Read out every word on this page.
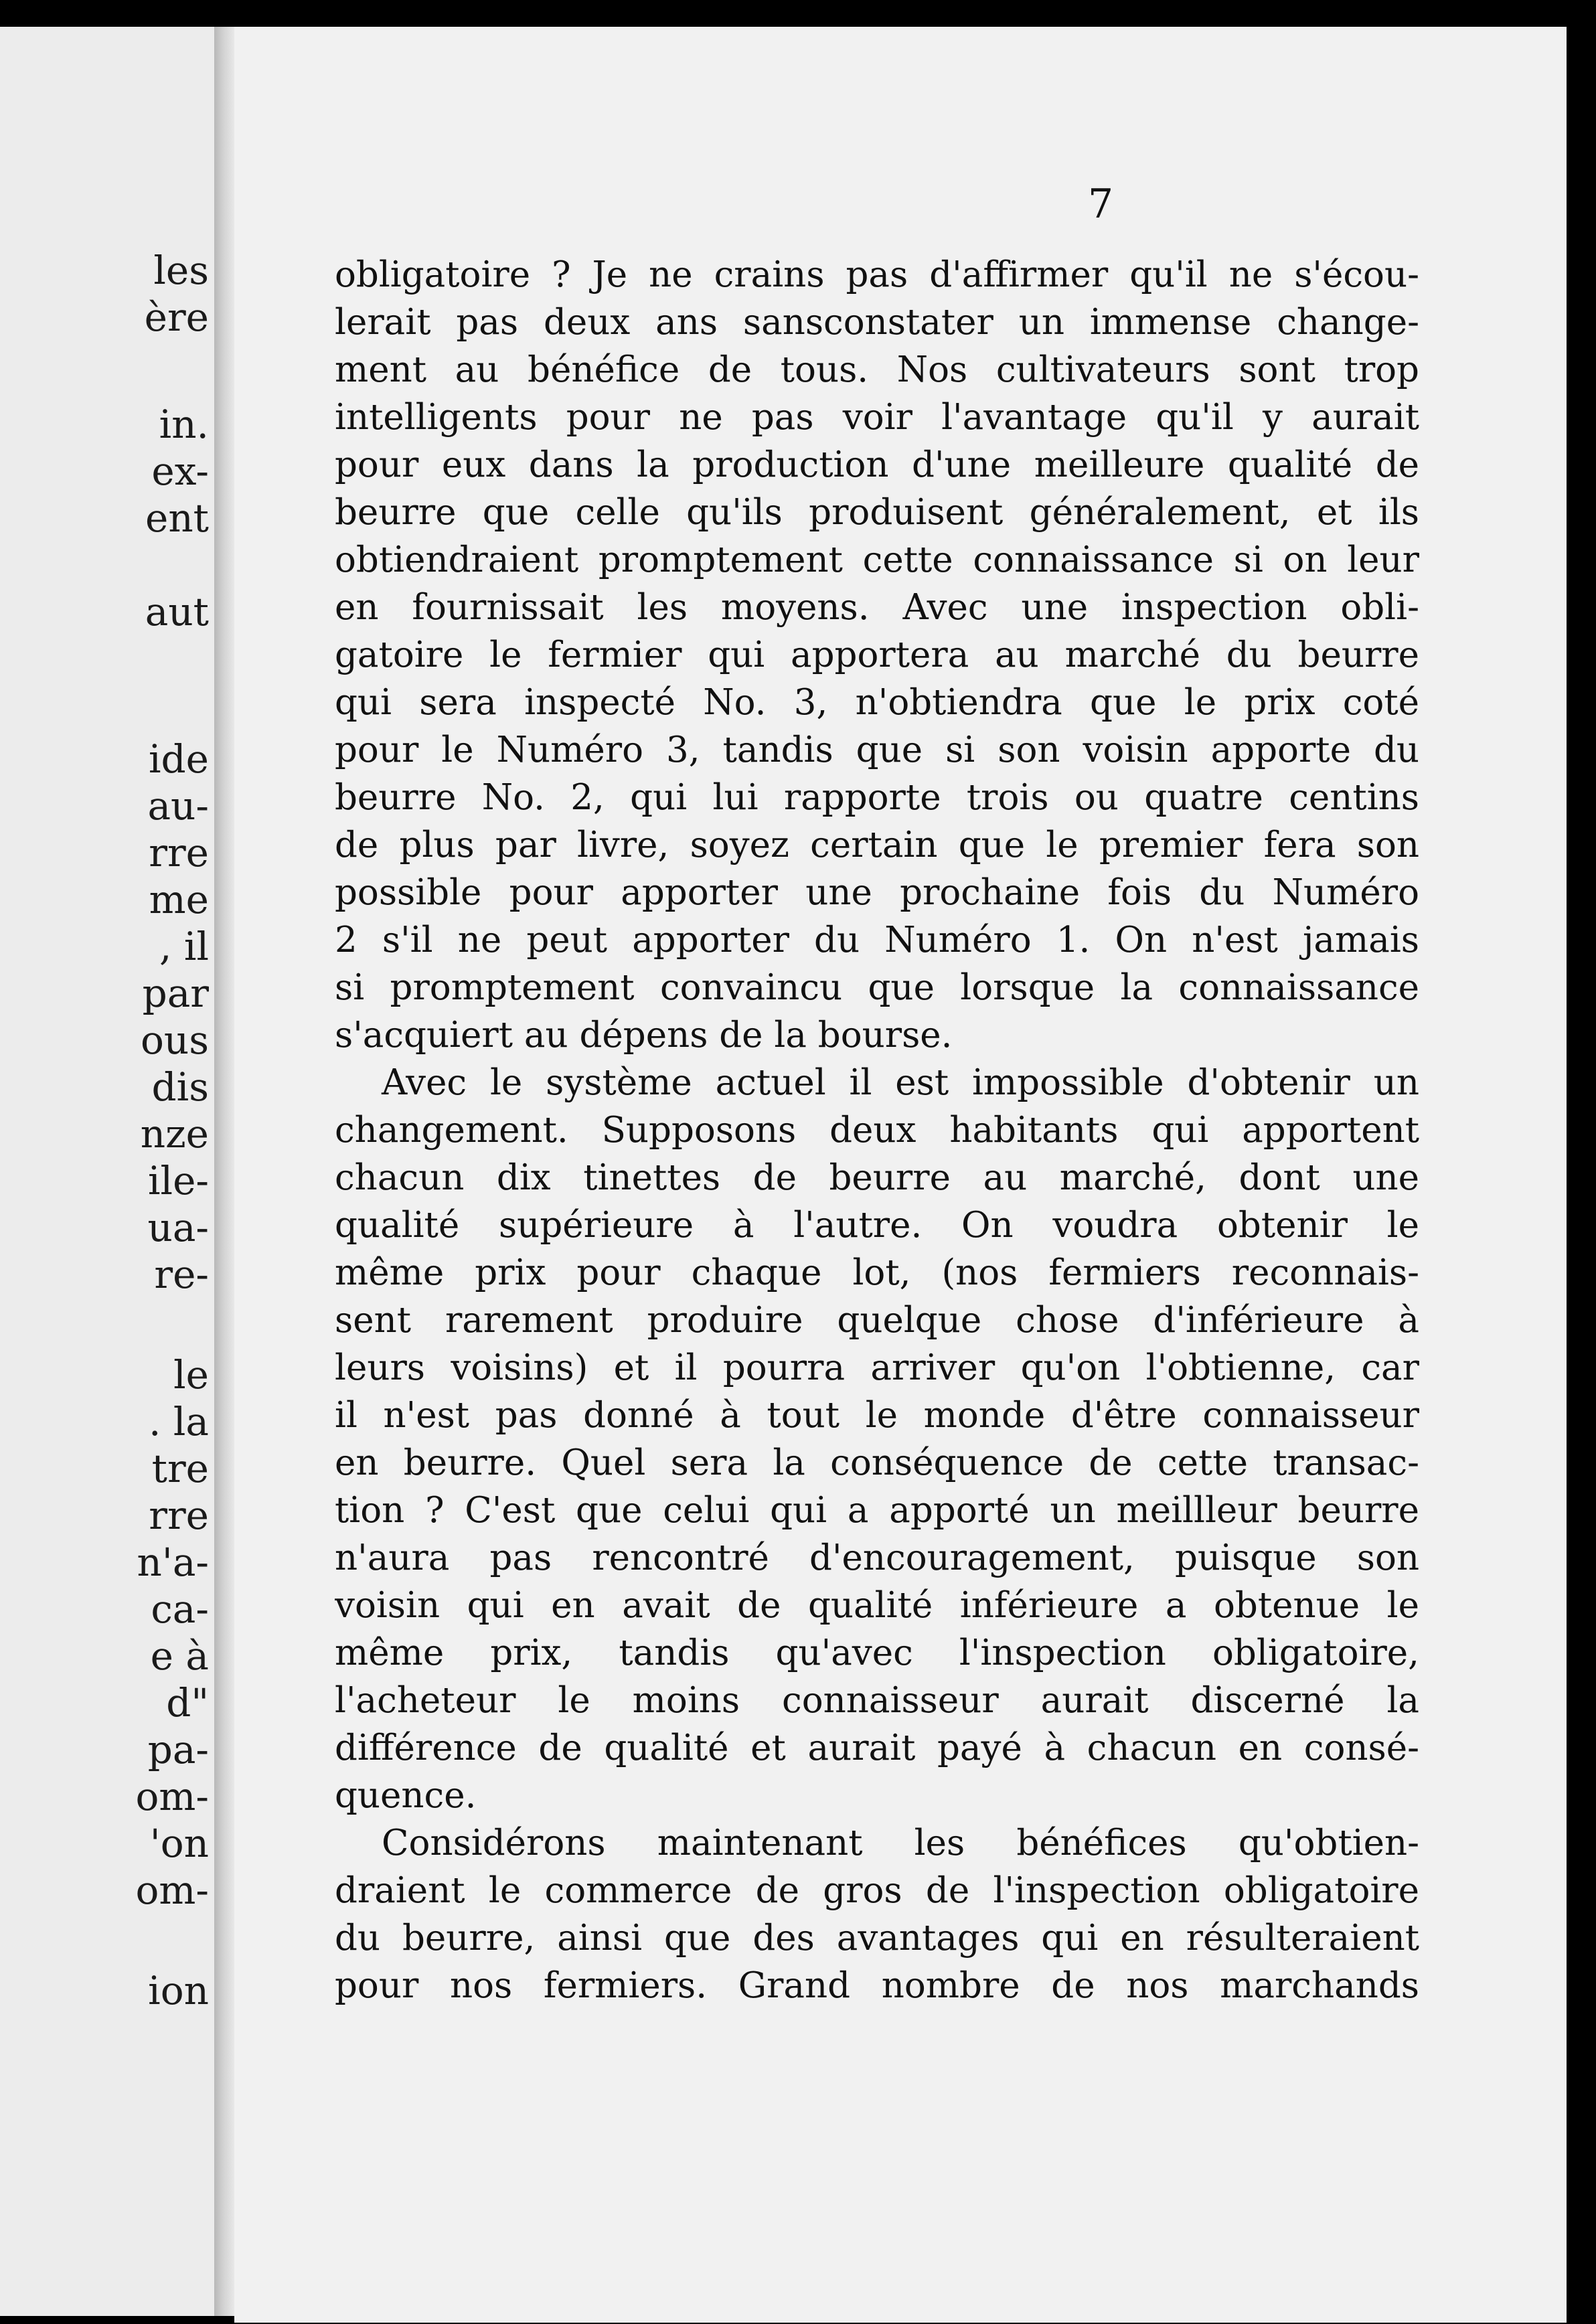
les
ère
in.
ex-
ent
aut
ide
au-
rre
me
, il
par
ous
dis
nze
ile-
ua-
re-
le
. la
tre
rre
n'a-
ca-
e à
d"
pa-
om-
'on
om-
ion
7
obligatoire ? Je ne crains pas d'affirmer qu'il ne s'écou-
lerait pas deux ans sansconstater un immense change-
ment au bénéfice de tous. Nos cultivateurs sont trop
intelligents pour ne pas voir l'avantage qu'il y aurait
pour eux dans la production d'une meilleure qualité de
beurre que celle qu'ils produisent généralement, et ils
obtiendraient promptement cette connaissance si on leur
en fournissait les moyens. Avec une inspection obli-
gatoire le fermier qui apportera au marché du beurre
qui sera inspecté No. 3, n'obtiendra que le prix coté
pour le Numéro 3, tandis que si son voisin apporte du
beurre No. 2, qui lui rapporte trois ou quatre centins
de plus par livre, soyez certain que le premier fera son
possible pour apporter une prochaine fois du Numéro
2 s'il ne peut apporter du Numéro 1. On n'est jamais
si promptement convaincu que lorsque la connaissance
s'acquiert au dépens de la bourse.
Avec le système actuel il est impossible d'obtenir un
changement. Supposons deux habitants qui apportent
chacun dix tinettes de beurre au marché, dont une
qualité supérieure à l'autre. On voudra obtenir le
même prix pour chaque lot, (nos fermiers reconnais-
sent rarement produire quelque chose d'inférieure à
leurs voisins) et il pourra arriver qu'on l'obtienne, car
il n'est pas donné à tout le monde d'être connaisseur
en beurre. Quel sera la conséquence de cette transac-
tion ? C'est que celui qui a apporté un meillleur beurre
n'aura pas rencontré d'encouragement, puisque son
voisin qui en avait de qualité inférieure a obtenue le
même prix, tandis qu'avec l'inspection obligatoire,
l'acheteur le moins connaisseur aurait discerné la
différence de qualité et aurait payé à chacun en consé-
quence.
Considérons maintenant les bénéfices qu'obtien-
draient le commerce de gros de l'inspection obligatoire
du beurre, ainsi que des avantages qui en résulteraient
pour nos fermiers. Grand nombre de nos marchands
